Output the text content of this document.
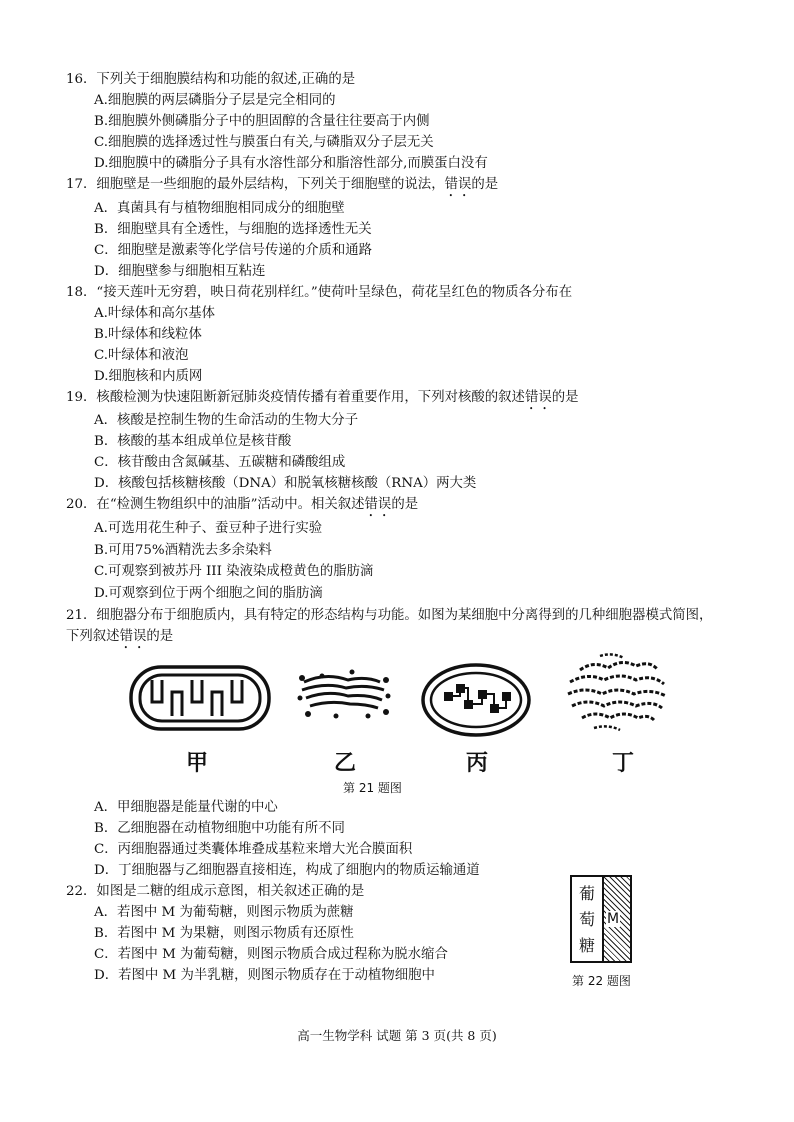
16．下列关于细胞膜结构和功能的叙述,正确的是
A.细胞膜的两层磷脂分子层是完全相同的
B.细胞膜外侧磷脂分子中的胆固醇的含量往往要高于内侧
C.细胞膜的选择透过性与膜蛋白有关,与磷脂双分子层无关
D.细胞膜中的磷脂分子具有水溶性部分和脂溶性部分,而膜蛋白没有
17．细胞壁是一些细胞的最外层结构，下列关于细胞壁的说法，错误的是
A．真菌具有与植物细胞相同成分的细胞壁
B．细胞壁具有全透性，与细胞的选择透性无关
C．细胞壁是激素等化学信号传递的介质和通路
D．细胞壁参与细胞相互粘连
18．“接天莲叶无穷碧，映日荷花别样红。”使荷叶呈绿色，荷花呈红色的物质各分布在
A.叶绿体和高尔基体
B.叶绿体和线粒体
C.叶绿体和液泡
D.细胞核和内质网
19．核酸检测为快速阻断新冠肺炎疫情传播有着重要作用，下列对核酸的叙述错误的是
A．核酸是控制生物的生命活动的生物大分子
B．核酸的基本组成单位是核苷酸
C．核苷酸由含氮碱基、五碳糖和磷酸组成
D．核酸包括核糖核酸（DNA）和脱氧核糖核酸（RNA）两大类
20．在“检测生物组织中的油脂”活动中。相关叙述错误的是
A.可选用花生种子、蚕豆种子进行实验
B.可用75%酒精洗去多余染料
C.可观察到被苏丹 III 染液染成橙黄色的脂肪滴
D.可观察到位于两个细胞之间的脂肪滴
21．细胞器分布于细胞质内，具有特定的形态结构与功能。如图为某细胞中分离得到的几种细胞器模式简图，
下列叙述错误的是
甲	乙	丙	丁
第 21 题图
A．甲细胞器是能量代谢的中心
B．乙细胞器在动植物细胞中功能有所不同
C．丙细胞器通过类囊体堆叠成基粒来增大光合膜面积
D．丁细胞器与乙细胞器直接相连，构成了细胞内的物质运输通道
22．如图是二糖的组成示意图，相关叙述正确的是
A．若图中 M 为葡萄糖，则图示物质为蔗糖
B．若图中 M 为果糖，则图示物质有还原性
C．若图中 M 为葡萄糖，则图示物质合成过程称为脱水缩合
D．若图中 M 为半乳糖，则图示物质存在于动植物细胞中
葡
萄
糖
M
第 22 题图
高一生物学科 试题 第 3 页(共 8 页)
